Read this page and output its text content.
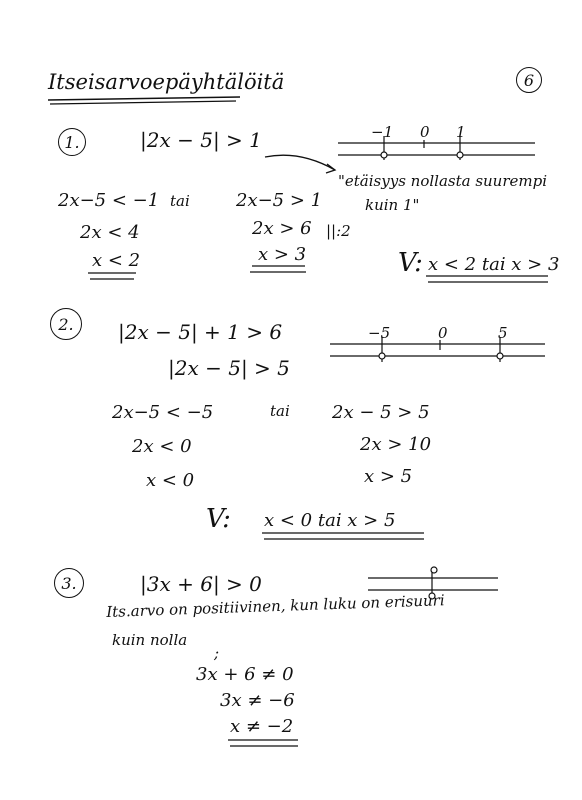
Itseisarvoepäyhtälöitä	6
1.	|2x − 5| > 1	−1 0 1
"etäisyys nollasta suurempi
kuin 1"
2x−5 < −1 tai	2x−5 > 1
2x < 4	2x > 6 ||:2
x < 2	x > 3	V: x < 2 tai x > 3
2. |2x − 5| + 1 > 6
|2x − 5| > 5
−5	0	5
2x−5 < −5	tai 2x − 5 > 5
2x < 0	2x > 10
x < 0	x > 5
V: x < 0 tai x > 5
3.	|3x + 6| > 0
Its.arvo on positiivinen, kun luku on erisuuri
kuin nolla
;
3x + 6 ≠ 0
3x ≠ −6
x ≠ −2
